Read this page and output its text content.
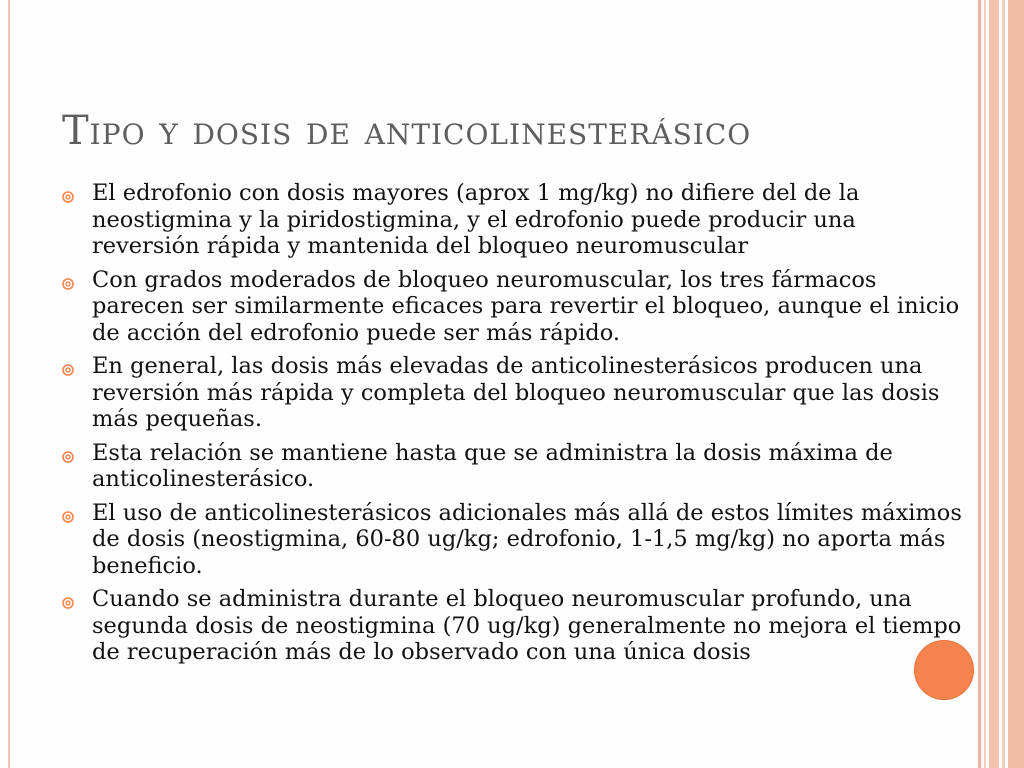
Tipo y dosis de anticolinesterásico
El edrofonio con dosis mayores (aprox 1 mg/kg) no difiere del de la neostigmina y la piridostigmina, y el edrofonio puede producir una reversión rápida y mantenida del bloqueo neuromuscular
Con grados moderados de bloqueo neuromuscular, los tres fármacos parecen ser similarmente eficaces para revertir el bloqueo, aunque el inicio de acción del edrofonio puede ser más rápido.
En general, las dosis más elevadas de anticolinesterásicos producen una reversión más rápida y completa del bloqueo neuromuscular que las dosis más pequeñas.
Esta relación se mantiene hasta que se administra la dosis máxima de anticolinesterásico.
El uso de anticolinesterásicos adicionales más allá de estos límites máximos de dosis (neostigmina, 60-80 ug/kg; edrofonio, 1-1,5 mg/kg) no aporta más beneficio.
Cuando se administra durante el bloqueo neuromuscular profundo, una segunda dosis de neostigmina (70 ug/kg) generalmente no mejora el tiempo de recuperación más de lo observado con una única dosis
